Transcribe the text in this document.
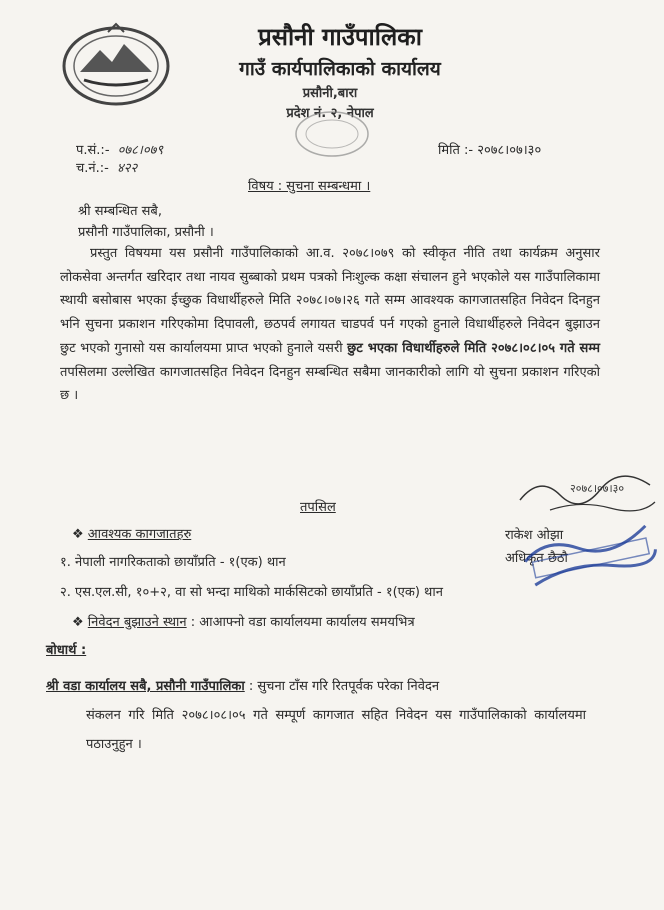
प्रसौनी गाउँपालिका
गाउँ कार्यपालिकाको कार्यालय
प्रसौनी,बारा
प्रदेश नं. २, नेपाल
प.सं.:- ०७८।०७९
च.नं.:- ४२२
मिति :- २०७८।०७।३०
विषय : सुचना सम्बन्धमा ।
श्री सम्बन्धित सबै,
प्रसौनी गाउँपालिका, प्रसौनी ।
प्रस्तुत विषयमा यस प्रसौनी गाउँपालिकाको आ.व. २०७८।०७९ को स्वीकृत नीति तथा कार्यक्रम अनुसार लोकसेवा अन्तर्गत खरिदार तथा नायव सुब्बाको प्रथम पत्रको निःशुल्क कक्षा संचालन हुने भएकोले यस गाउँपालिकामा स्थायी बसोबास भएका ईच्छुक विधार्थीहरुले मिति २०७८।०७।२६ गते सम्म आवश्यक कागजातसहित निवेदन दिनहुन भनि सुचना प्रकाशन गरिएकोमा दिपावली, छठपर्व लगायत चाडपर्व पर्न गएको हुनाले विधार्थीहरुले निवेदन बुझाउन छुट भएको गुनासो यस कार्यालयमा प्राप्त भएको हुनाले यसरी छुट भएका विधार्थीहरुले मिति २०७८।०८।०५ गते सम्म तपसिलमा उल्लेखित कागजातसहित निवेदन दिनहुन सम्बन्धित सबैमा जानकारीको लागि यो सुचना प्रकाशन गरिएको छ ।
२०७८।०७।३०
तपसिल
❖ आवश्यक कागजातहरु
१. नेपाली नागरिकताको छायाँप्रति - १(एक) थान
२. एस.एल.सी, १०+२, वा सो भन्दा माथिको मार्कसिटको छायाँप्रति - १(एक) थान
❖ निवेदन बुझाउने स्थान : आआफ्नो वडा कार्यालयमा कार्यालय समयभित्र
राकेश ओझा
अधिकृत छैठौ
बोधार्थ :
श्री वडा कार्यालय सबै, प्रसौनी गाउँपालिका : सुचना टाँस गरि रितपूर्वक परेका निवेदन
संकलन गरि मिति २०७८।०८।०५ गते सम्पूर्ण कागजात सहित निवेदन यस गाउँपालिकाको कार्यालयमा पठाउनुहुन ।
